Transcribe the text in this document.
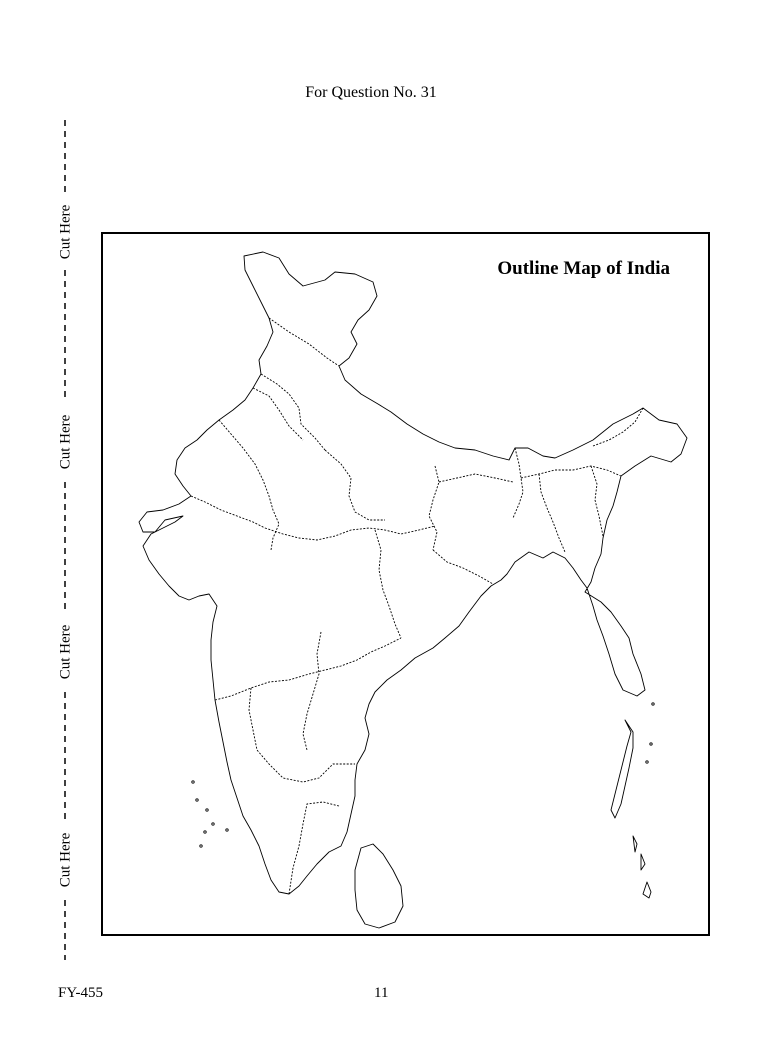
For Question No. 31
Cut Here
Cut Here
Cut Here
Cut Here
Outline Map of India
FY-455	11
